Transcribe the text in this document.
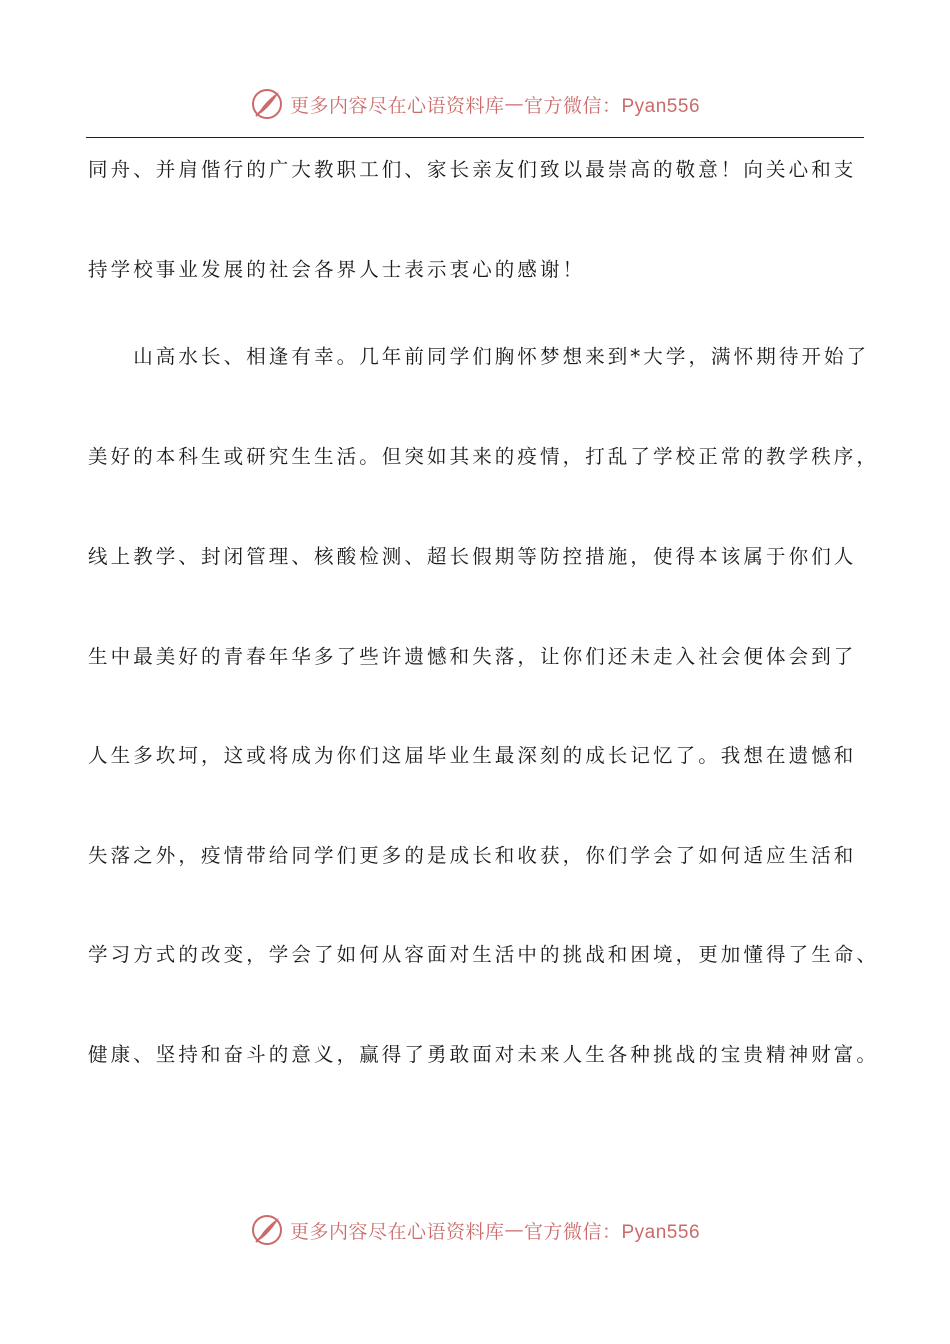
更多内容尽在心语资料库 — 官方微信：Pyan556
同舟、并肩偕行的广大教职工们、家长亲友们致以最崇高的敬意！向关心和支
持学校事业发展的社会各界人士表示衷心的感谢！
　　山高水长、相逢有幸。几年前同学们胸怀梦想来到*大学，满怀期待开始了
美好的本科生或研究生生活。但突如其来的疫情，打乱了学校正常的教学秩序，
线上教学、封闭管理、核酸检测、超长假期等防控措施，使得本该属于你们人
生中最美好的青春年华多了些许遗憾和失落，让你们还未走入社会便体会到了
人生多坎坷，这或将成为你们这届毕业生最深刻的成长记忆了。我想在遗憾和
失落之外，疫情带给同学们更多的是成长和收获，你们学会了如何适应生活和
学习方式的改变，学会了如何从容面对生活中的挑战和困境，更加懂得了生命、
健康、坚持和奋斗的意义，赢得了勇敢面对未来人生各种挑战的宝贵精神财富。
更多内容尽在心语资料库 — 官方微信：Pyan556
